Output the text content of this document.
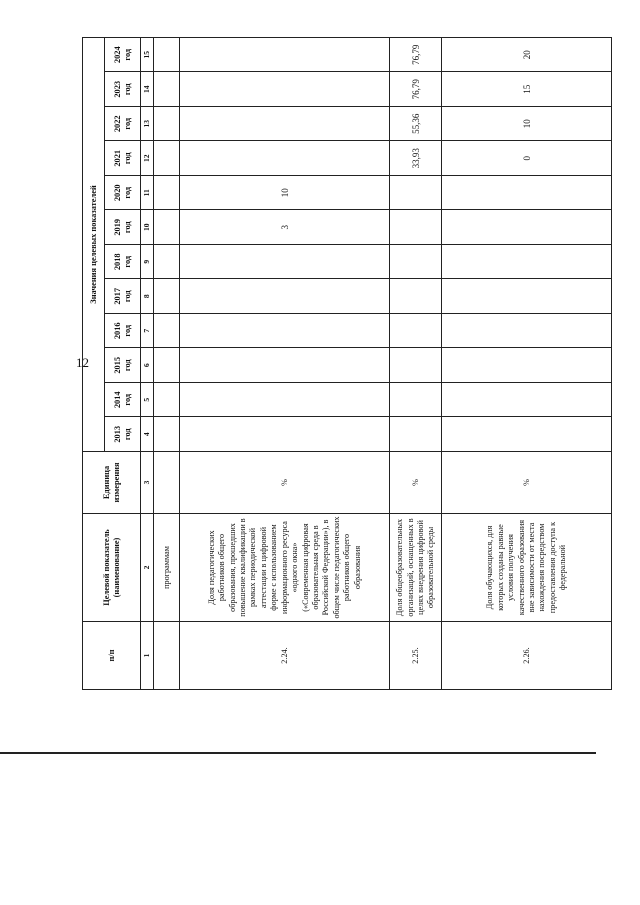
12
п/п	Целевой показатель (наименование)	Единица измерения	Значения целевых показателей											
			2013 год	2014 год	2015 год	2016 год	2017 год	2018 год	2019 год	2020 год	2021 год	2022 год	2023 год	2024 год
1	2	3	4	5	6	7	8	9	10	11	12	13	14	15
	программам													
2.24.	Доля педагогических работников общего образования, прошедших повышение квалификации в рамках периодической аттестации в цифровой форме с использованием информационного ресурса «одного окна» («Современная цифровая образовательная среда в Российской Федерации»), в общем числе педагогических работников общего образования	%							3	10				
2.25.	Доля общеобразовательных организаций, оснащенных в целях внедрения цифровой образовательной среды	%									33,93	55,36	76,79	76,79
2.26.	Доля обучающихся, для которых созданы равные условия получения качественного образования вне зависимости от места нахождения посредством предоставления доступа к федеральной	%									0	10	15	20
